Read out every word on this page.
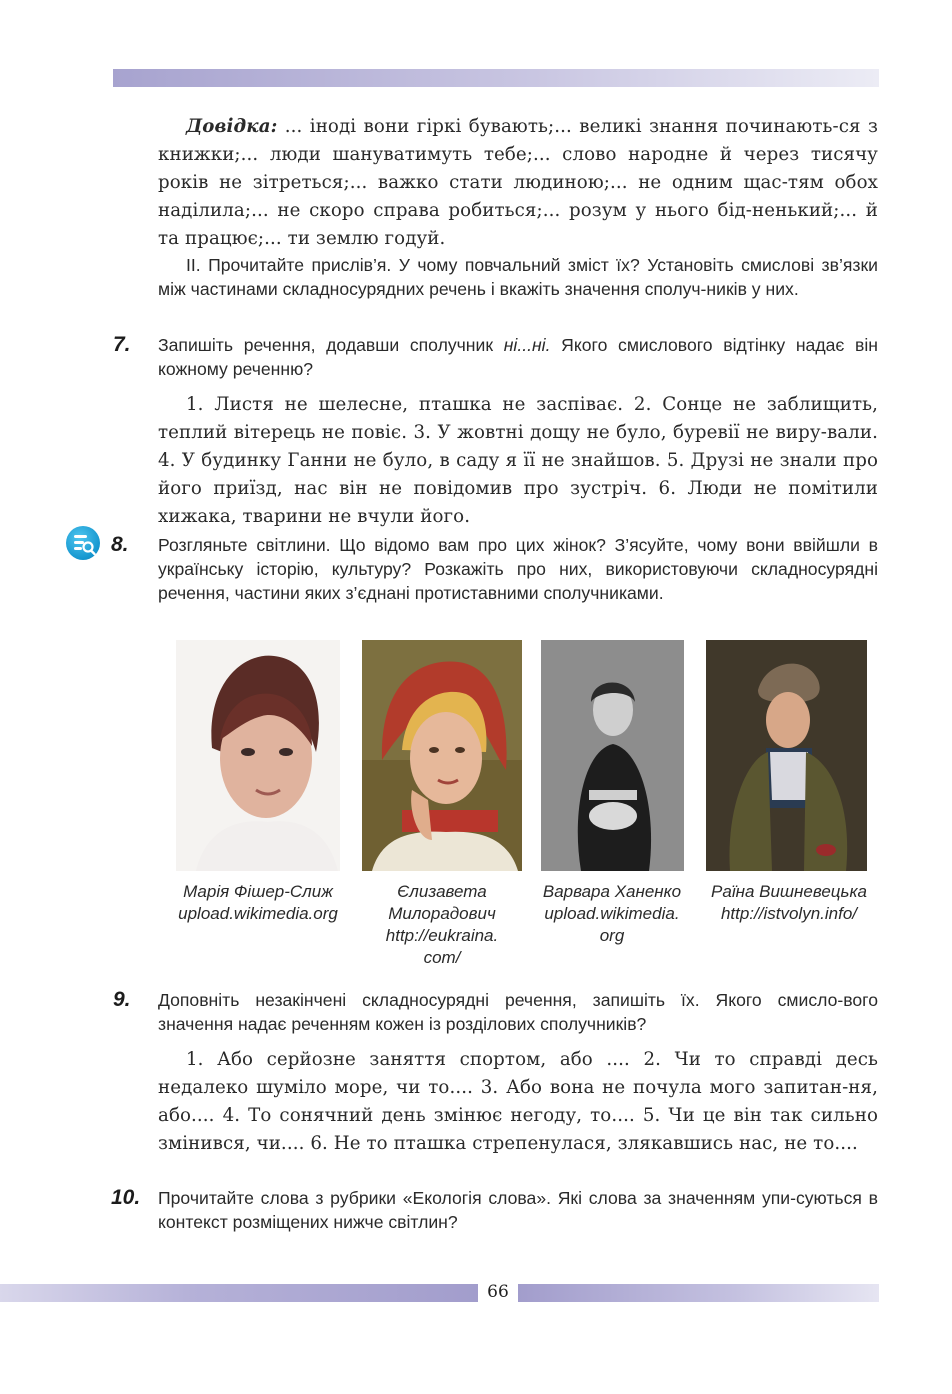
Довідка: ... іноді вони гіркі бувають;... великі знання починають-ся з книжки;... люди шануватимуть тебе;... слово народне й через тисячу років не зітреться;... важко стати людиною;... не одним щас-тям обох наділила;... не скоро справа робиться;... розум у нього бід-ненький;... й та працює;... ти землю годуй.
ІІ. Прочитайте прислів’я. У чому повчальний зміст їх? Установіть смислові зв’язки між частинами складносурядних речень і вкажіть значення сполуч-ників у них.
7. Запишіть речення, додавши сполучник ні...ні. Якого смислового відтінку надає він кожному реченню?
1. Листя не шелесне, пташка не заспіває. 2. Сонце не заблищить, теплий вітерець не повіє. 3. У жовтні дощу не було, буревії не виру-вали. 4. У будинку Ганни не було, в саду я її не знайшов. 5. Друзі не знали про його приїзд, нас він не повідомив про зустріч. 6. Люди не помітили хижака, тварини не вчули його.
8. Розгляньте світлини. Що відомо вам про цих жінок? З’ясуйте, чому вони ввійшли в українську історію, культуру? Розкажіть про них, використовуючи складносурядні речення, частини яких з’єднані протиставними сполучниками.
Марія Фішер-Слиж
upload.wikimedia.org
Єлизавета
Милорадович
http://eukraina.
com/
Варвара Ханенко
upload.wikimedia.
org
Раїна Вишневецька
http://istvolyn.info/
9. Доповніть незакінчені складносурядні речення, запишіть їх. Якого смисло-вого значення надає реченням кожен із розділових сполучників?
1. Або серйозне заняття спортом, або .... 2. Чи то справді десь недалеко шуміло море, чи то.... 3. Або вона не почула мого запитан-ня, або.... 4. То сонячний день змінює негоду, то.... 5. Чи це він так сильно змінився, чи.... 6. Не то пташка стрепенулася, злякавшись нас, не то....
10. Прочитайте слова з рубрики «Екологія слова». Які слова за значенням упи-суються в контекст розміщених нижче світлин?
66
